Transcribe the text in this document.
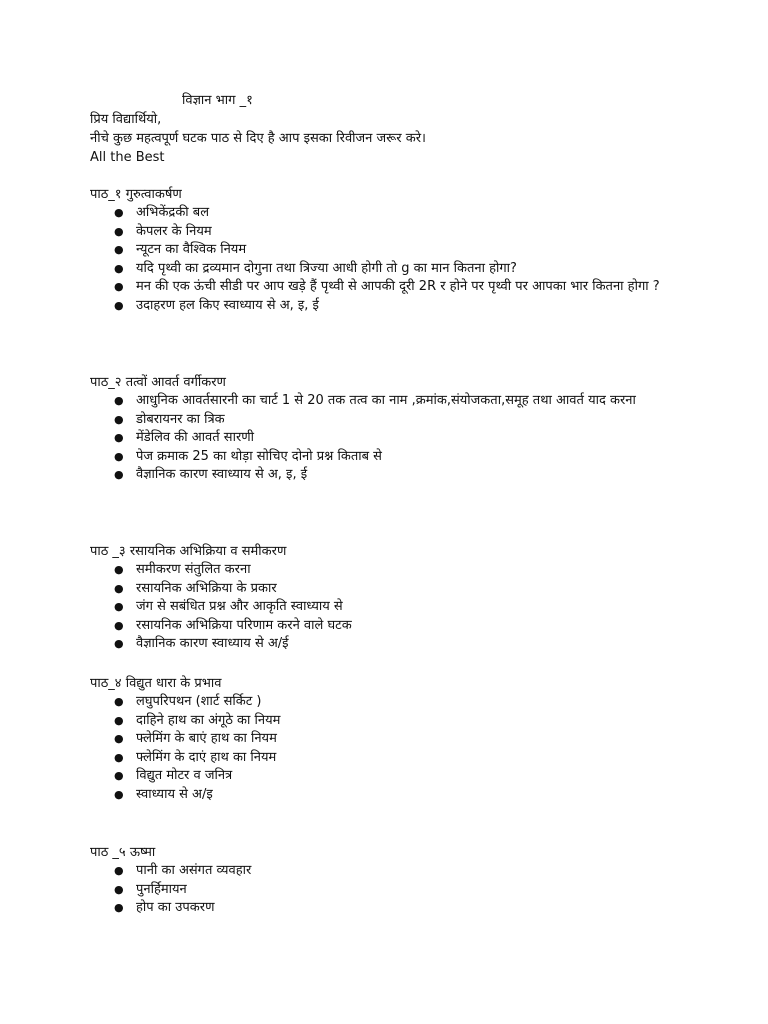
विज्ञान भाग _१

प्रिय विद्यार्थियो,

नीचे कुछ महत्वपूर्ण घटक पाठ से दिए है आप इसका रिवीजन जरूर करे।

All the Best

पाठ_१ गुरुत्वाकर्षण
● अभिकेंद्रकी बल
● केपलर के नियम
● न्यूटन का वैश्विक नियम
● यदि पृथ्वी का द्रव्यमान दोगुना तथा त्रिज्या आधी होगी तो g का मान कितना होगा?
● मन की एक ऊंची सीडी पर आप खड़े हैं पृथ्वी से आपकी दूरी 2R र होने पर पृथ्वी पर आपका भार कितना होगा ?
● उदाहरण हल किए स्वाध्याय से अ, इ, ई
पाठ_२ तत्वों आवर्त वर्गीकरण
● आधुनिक आवर्तसारनी का चार्ट 1 से 20 तक तत्व का नाम ,क्रमांक,संयोजकता,समूह तथा आवर्त याद करना
● डोबरायनर का त्रिक
● मेंडेलिव की आवर्त सारणी
● पेज क्रमाक 25 का थोड़ा सोचिए दोनो प्रश्न किताब से
● वैज्ञानिक कारण स्वाध्याय से अ, इ, ई
पाठ _३ रसायनिक अभिक्रिया व समीकरण
● समीकरण संतुलित करना
● रसायनिक अभिक्रिया के प्रकार
● जंग से सबंधित प्रश्न और आकृति स्वाध्याय से
● रसायनिक अभिक्रिया परिणाम करने वाले घटक
● वैज्ञानिक कारण स्वाध्याय से अ/ई
पाठ_४ विद्युत धारा के प्रभाव
● लघुपरिपथन (शार्ट सर्किट )
● दाहिने हाथ का अंगूठे का नियम
● फ्लेमिंग के बाएं हाथ का नियम
● फ्लेमिंग के दाएं हाथ का नियम
● विद्युत मोटर व जनित्र
● स्वाध्याय से अ/इ
पाठ _५ ऊष्मा
● पानी का असंगत व्यवहार
● पुनर्हिमायन
● होप का उपकरण
